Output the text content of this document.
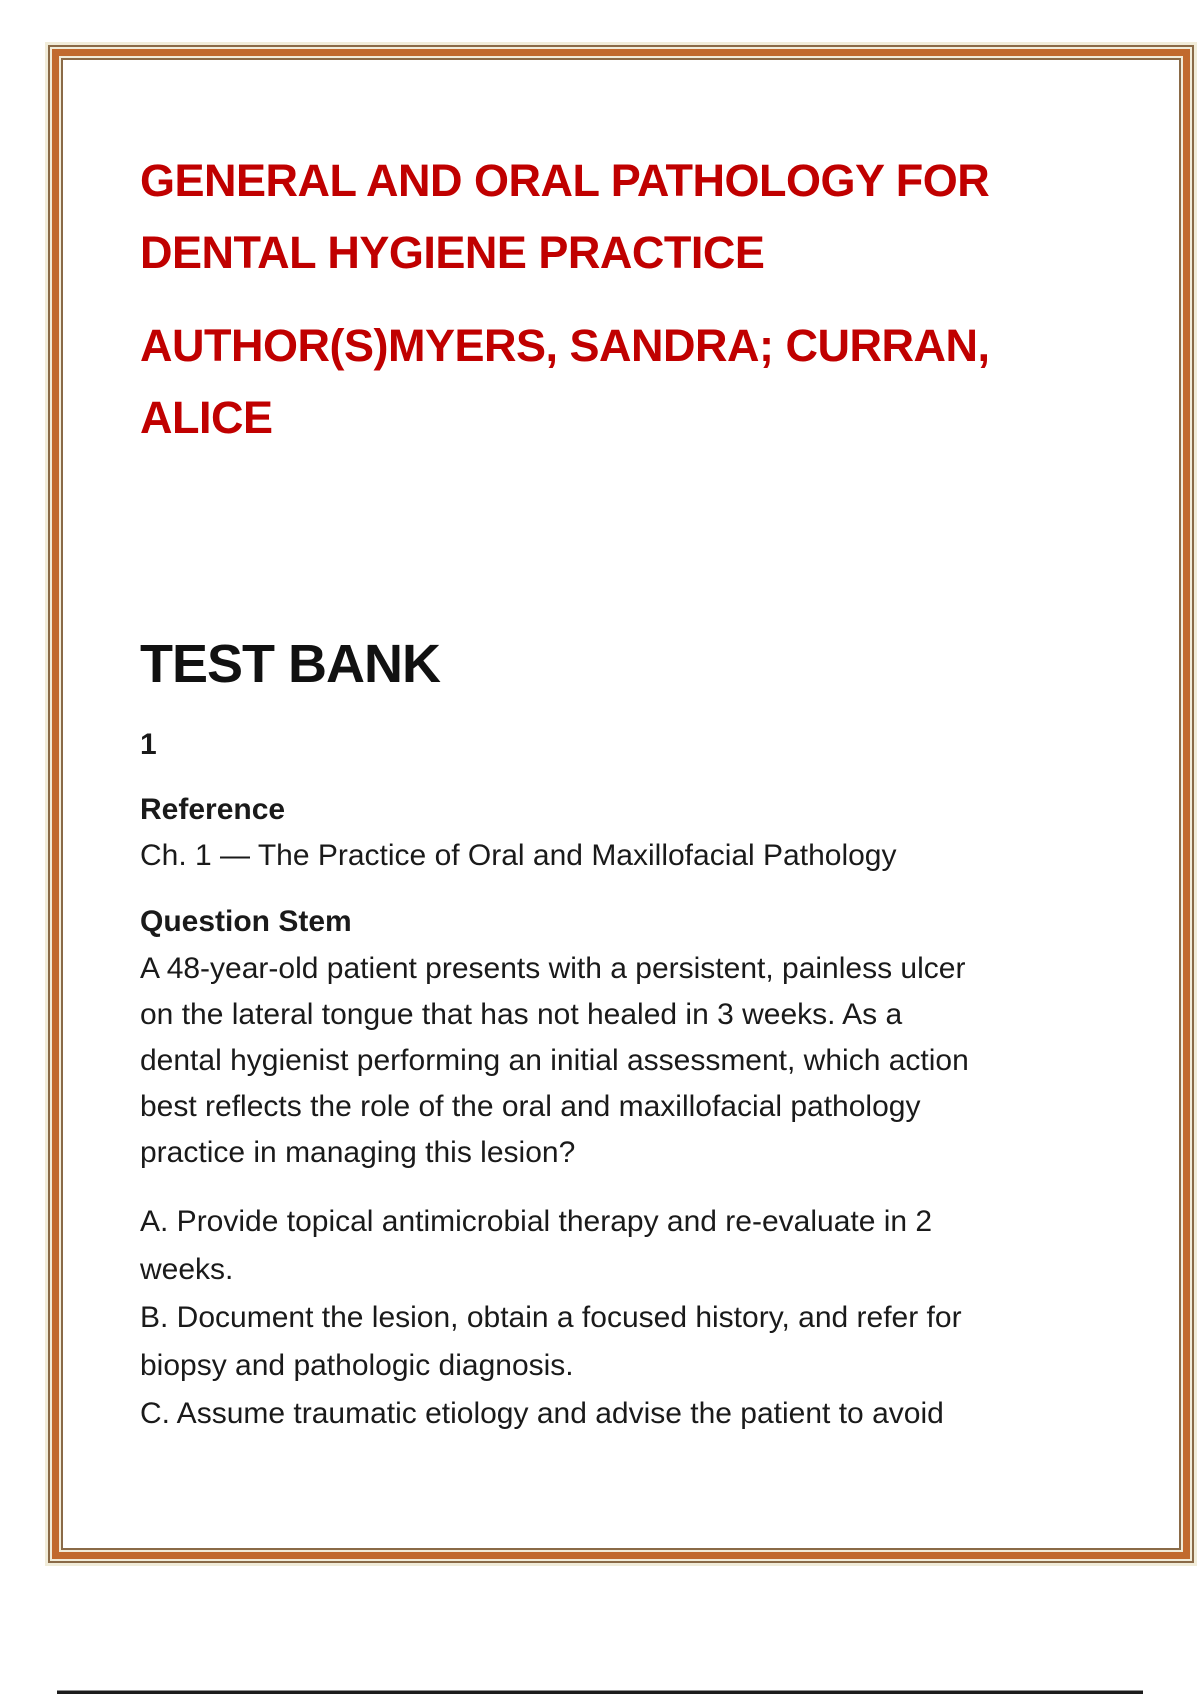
GENERAL AND ORAL PATHOLOGY FOR
DENTAL HYGIENE PRACTICE
AUTHOR(S)MYERS, SANDRA; CURRAN,
ALICE
TEST BANK
1
Reference
Ch. 1 — The Practice of Oral and Maxillofacial Pathology
Question Stem
A 48-year-old patient presents with a persistent, painless ulcer
on the lateral tongue that has not healed in 3 weeks. As a
dental hygienist performing an initial assessment, which action
best reflects the role of the oral and maxillofacial pathology
practice in managing this lesion?
A. Provide topical antimicrobial therapy and re-evaluate in 2
weeks.
B. Document the lesion, obtain a focused history, and refer for
biopsy and pathologic diagnosis.
C. Assume traumatic etiology and advise the patient to avoid
